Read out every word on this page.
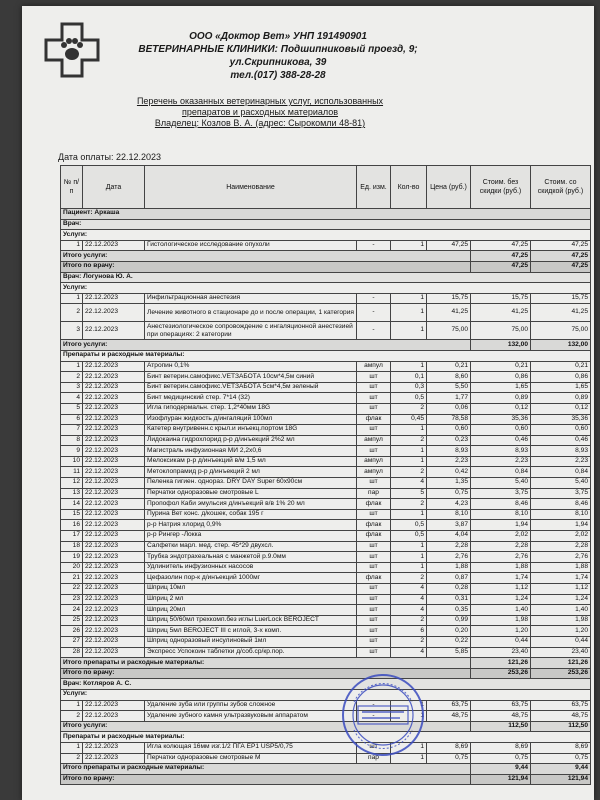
ООО «Доктор Вет» УНП 191490901
ВЕТЕРИНАРНЫЕ КЛИНИКИ: Подшипниковый проезд, 9;
ул.Скрипникова, 39
тел.(017) 388-28-28
Перечень оказанных ветеринарных услуг, использованных
препаратов и расходных материалов
Владелец: Козлов В. А. (адрес: Сырокомли 48-81)
Дата оплаты: 22.12.2023
№ п/п	Дата	Наименование	Ед. изм.	Кол-во	Цена (руб.)	Стоим. без скидки (руб.)	Стоим. со скидкой (руб.)
Пациент: Аркаша							
Врач:							
Услуги:							
1	22.12.2023	Гистологическое исследование опухоли	-	1	47,25	47,25	47,25
Итого услуги:						47,25	47,25
Итого по врачу:						47,25	47,25
Врач: Логунова Ю. А.							
Услуги:							
1	22.12.2023	Инфильтрационная анестезия	-	1	15,75	15,75	15,75
2	22.12.2023	Лечение животного в стационаре до и после операции, 1 категория	-	1	41,25	41,25	41,25
3	22.12.2023	Анестезиологическое сопровождение с ингаляционной анестезией при операциях: 2 категории	-	1	75,00	75,00	75,00
Итого услуги:						132,00	132,00
Препараты и расходные материалы:							
1	22.12.2023	Атропин 0,1%	ампул	1	0,21	0,21	0,21
2	22.12.2023	Бинт ветерин.самофикс.VETЗАБОТА 10см*4,5м синий	шт	0,1	8,60	0,86	0,86
3	22.12.2023	Бинт ветерин.самофикс.VETЗАБОТА 5см*4,5м зеленый	шт	0,3	5,50	1,65	1,65
4	22.12.2023	Бинт медицинский стер. 7*14 (32)	шт	0,5	1,77	0,89	0,89
5	22.12.2023	Игла гиподермальн. стер. 1,2*40мм 18G	шт	2	0,06	0,12	0,12
6	22.12.2023	Изофлуран жидкость д/ингаляций 100мл	флак	0,45	78,58	35,36	35,36
7	22.12.2023	Катетер внутривенн.с крыл.и инъекц.портом 18G	шт	1	0,60	0,60	0,60
8	22.12.2023	Лидокаина гидрохлорид р-р д/инъекций 2%2 мл	ампул	2	0,23	0,46	0,46
9	22.12.2023	Магистраль инфузионная МИ 2,2х0,6	шт	1	8,93	8,93	8,93
10	22.12.2023	Мелоксикам р-р д/инъекций в/м 1,5 мл	ампул	1	2,23	2,23	2,23
11	22.12.2023	Метоклопрамид р-р д/инъекций 2 мл	ампул	2	0,42	0,84	0,84
12	22.12.2023	Пеленка гигиен. однораз. DRY DAY Super 60х90см	шт	4	1,35	5,40	5,40
13	22.12.2023	Перчатки одноразовые смотровые L	пар	5	0,75	3,75	3,75
14	22.12.2023	Пропофол Каби эмульсия д/инъекций в/в 1% 20 мл	флак	2	4,23	8,46	8,46
15	22.12.2023	Пурина Вет конс. д/кошек, собак 195 г	шт	1	8,10	8,10	8,10
16	22.12.2023	р-р Натрия хлорид 0,9%	флак	0,5	3,87	1,94	1,94
17	22.12.2023	р-р Рингер -Локка	флак	0,5	4,04	2,02	2,02
18	22.12.2023	Салфетки марл. мед. стер. 45*29 двухсл.	шт	1	2,28	2,28	2,28
19	22.12.2023	Трубка эндотрахеальная с манжетой р.9.0мм	шт	1	2,76	2,76	2,76
20	22.12.2023	Удлинитель инфузионных насосов	шт	1	1,88	1,88	1,88
21	22.12.2023	Цефазолин пор-к д/инъекций 1000мг	флак	2	0,87	1,74	1,74
22	22.12.2023	Шприц 10мл	шт	4	0,28	1,12	1,12
23	22.12.2023	Шприц 2 мл	шт	4	0,31	1,24	1,24
24	22.12.2023	Шприц 20мл	шт	4	0,35	1,40	1,40
25	22.12.2023	Шприц 50/60мл трехкомп.без иглы LuerLock BEROJECT	шт	2	0,99	1,98	1,98
26	22.12.2023	Шприц 5мл BEROJECT III с иглой, 3-х комп.	шт	6	0,20	1,20	1,20
27	22.12.2023	Шприц одноразовый инсулиновый 1мл	шт	2	0,22	0,44	0,44
28	22.12.2023	Экспресс Успокоин таблетки д/соб.ср/кр.пор.	шт	4	5,85	23,40	23,40
Итого препараты и расходные материалы:						121,26	121,26
Итого по врачу:						253,26	253,26
Врач: Котляров А. С.							
Услуги:							
1	22.12.2023	Удаление зуба или группы зубов сложное	-	1	63,75	63,75	63,75
2	22.12.2023	Удаление зубного камня ультразвуковым аппаратом	-	1	48,75	48,75	48,75
Итого услуги:						112,50	112,50
Препараты и расходные материалы:							
1	22.12.2023	Игла колющая 16мм изг.1/2 ПГА EP1 USP5/0,75	шт	1	8,69	8,69	8,69
2	22.12.2023	Перчатки одноразовые смотровые М	пар	1	0,75	0,75	0,75
Итого препараты и расходные материалы:						9,44	9,44
Итого по врачу:						121,94	121,94
